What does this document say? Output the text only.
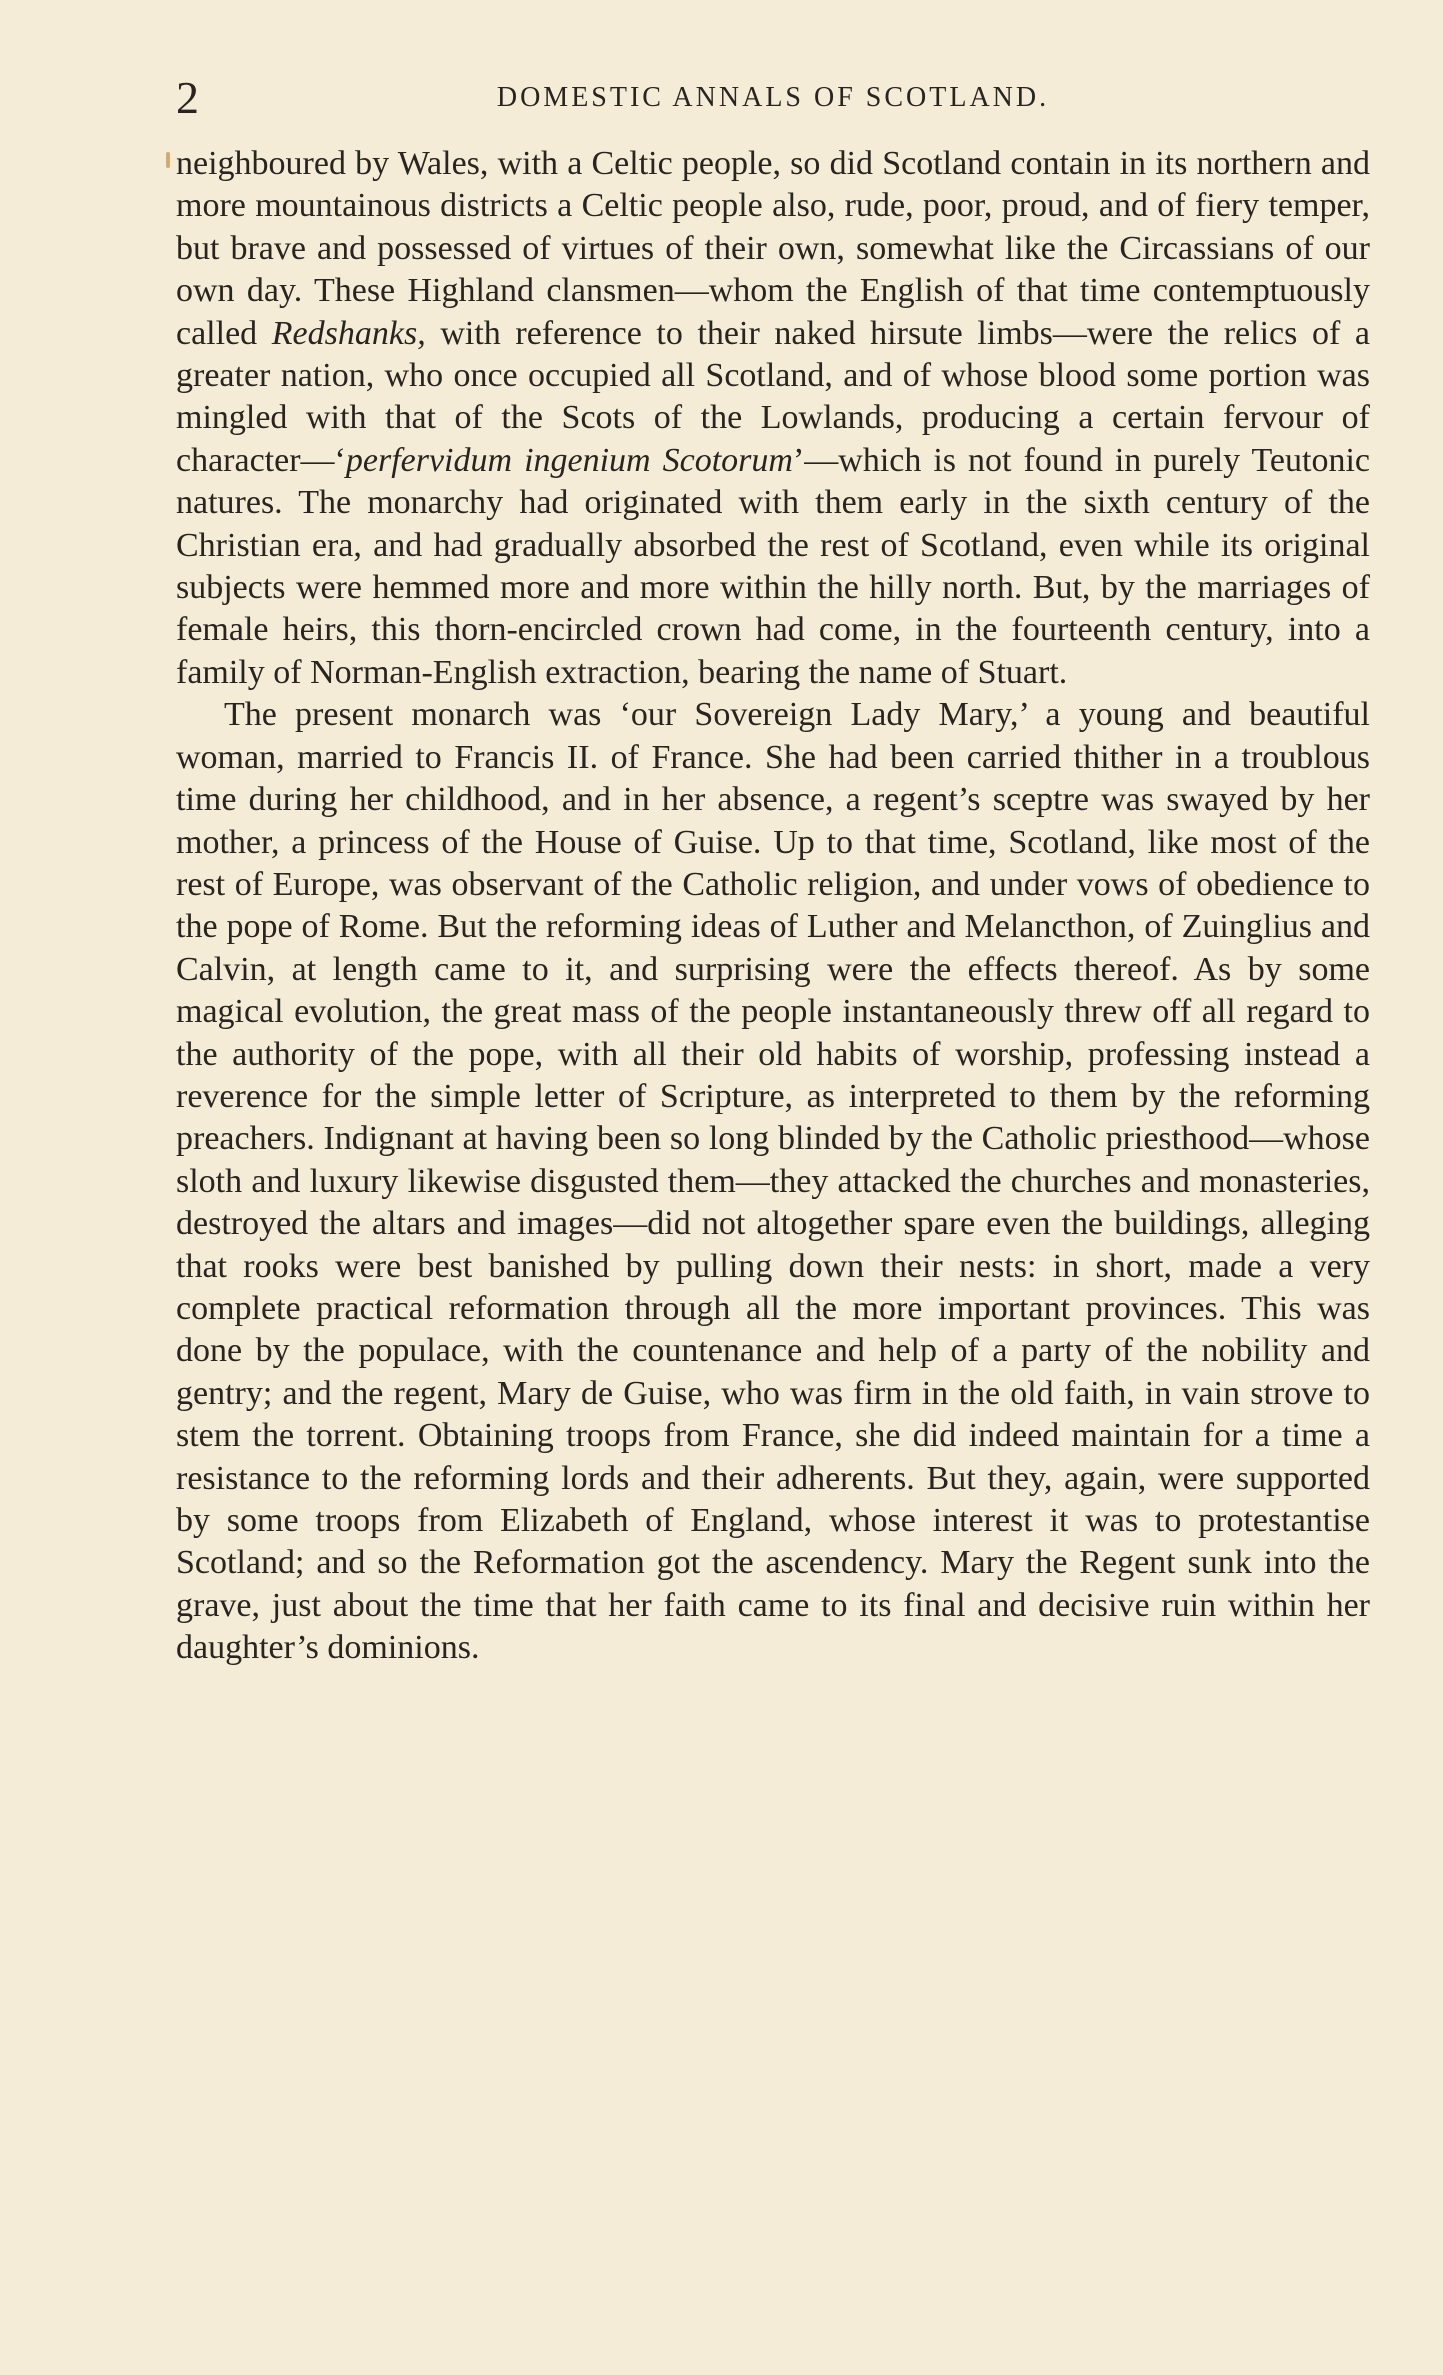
2	DOMESTIC ANNALS OF SCOTLAND.

neighboured by Wales, with a Celtic people, so did Scotland contain in its northern and more mountainous districts a Celtic people also, rude, poor, proud, and of fiery temper, but brave and possessed of virtues of their own, somewhat like the Circassians of our own day. These Highland clansmen—whom the English of that time contemptuously called Redshanks, with reference to their naked hirsute limbs—were the relics of a greater nation, who once occupied all Scotland, and of whose blood some portion was mingled with that of the Scots of the Lowlands, producing a certain fervour of character—‘perfervidum ingenium Scotorum’—which is not found in purely Teutonic natures. The monarchy had originated with them early in the sixth century of the Christian era, and had gradually absorbed the rest of Scotland, even while its original subjects were hemmed more and more within the hilly north. But, by the marriages of female heirs, this thorn-encircled crown had come, in the fourteenth century, into a family of Norman-English extraction, bearing the name of Stuart.

The present monarch was ‘our Sovereign Lady Mary,’ a young and beautiful woman, married to Francis II. of France. She had been carried thither in a troublous time during her childhood, and in her absence, a regent’s sceptre was swayed by her mother, a princess of the House of Guise. Up to that time, Scotland, like most of the rest of Europe, was observant of the Catholic religion, and under vows of obedience to the pope of Rome. But the reforming ideas of Luther and Melancthon, of Zuinglius and Calvin, at length came to it, and surprising were the effects thereof. As by some magical evolution, the great mass of the people instantaneously threw off all regard to the authority of the pope, with all their old habits of worship, professing instead a reverence for the simple letter of Scripture, as interpreted to them by the reforming preachers. Indignant at having been so long blinded by the Catholic priesthood—whose sloth and luxury likewise disgusted them—they attacked the churches and monasteries, destroyed the altars and images—did not altogether spare even the buildings, alleging that rooks were best banished by pulling down their nests: in short, made a very complete practical reformation through all the more important provinces. This was done by the populace, with the countenance and help of a party of the nobility and gentry; and the regent, Mary de Guise, who was firm in the old faith, in vain strove to stem the torrent. Obtaining troops from France, she did indeed maintain for a time a resistance to the reforming lords and their adherents. But they, again, were supported by some troops from Elizabeth of England, whose interest it was to protestantise Scotland; and so the Reformation got the ascendency. Mary the Regent sunk into the grave, just about the time that her faith came to its final and decisive ruin within her daughter’s dominions.
